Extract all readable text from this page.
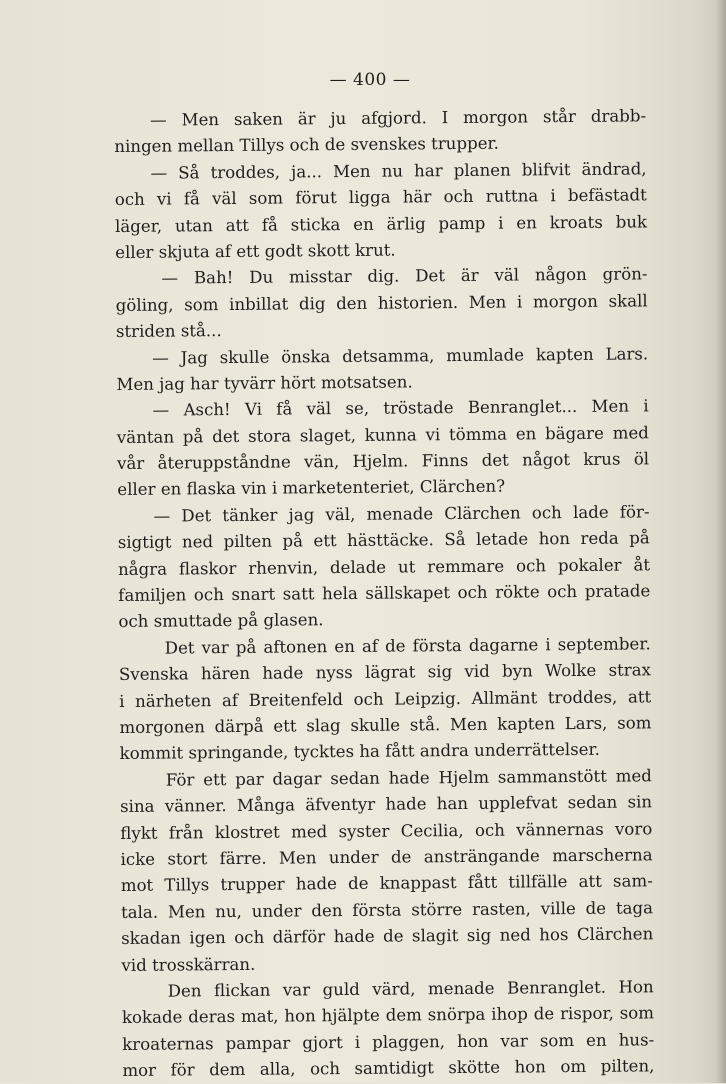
— 400 —
— Men saken är ju afgjord. I morgon står drabb-
ningen mellan Tillys och de svenskes trupper.
— Så troddes, ja... Men nu har planen blifvit ändrad,
och vi få väl som förut ligga här och ruttna i befästadt
läger, utan att få sticka en ärlig pamp i en kroats buk
eller skjuta af ett godt skott krut.
— Bah! Du misstar dig. Det är väl någon grön-
göling, som inbillat dig den historien. Men i morgon skall
striden stå...
— Jag skulle önska detsamma, mumlade kapten Lars.
Men jag har tyvärr hört motsatsen.
— Asch! Vi få väl se, tröstade Benranglet... Men i
väntan på det stora slaget, kunna vi tömma en bägare med
vår återuppståndne vän, Hjelm. Finns det något krus öl
eller en flaska vin i marketenteriet, Clärchen?
— Det tänker jag väl, menade Clärchen och lade för-
sigtigt ned pilten på ett hästtäcke. Så letade hon reda på
några flaskor rhenvin, delade ut remmare och pokaler åt
familjen och snart satt hela sällskapet och rökte och pratade
och smuttade på glasen.
Det var på aftonen en af de första dagarne i september.
Svenska hären hade nyss lägrat sig vid byn Wolke strax
i närheten af Breitenfeld och Leipzig. Allmänt troddes, att
morgonen därpå ett slag skulle stå. Men kapten Lars, som
kommit springande, tycktes ha fått andra underrättelser.
För ett par dagar sedan hade Hjelm sammanstött med
sina vänner. Många äfventyr hade han upplefvat sedan sin
flykt från klostret med syster Cecilia, och vännernas voro
icke stort färre. Men under de ansträngande marscherna
mot Tillys trupper hade de knappast fått tillfälle att sam-
tala. Men nu, under den första större rasten, ville de taga
skadan igen och därför hade de slagit sig ned hos Clärchen
vid trosskärran.
Den flickan var guld värd, menade Benranglet. Hon
kokade deras mat, hon hjälpte dem snörpa ihop de rispor, som
kroaternas pampar gjort i plaggen, hon var som en hus-
mor för dem alla, och samtidigt skötte hon om pilten,
